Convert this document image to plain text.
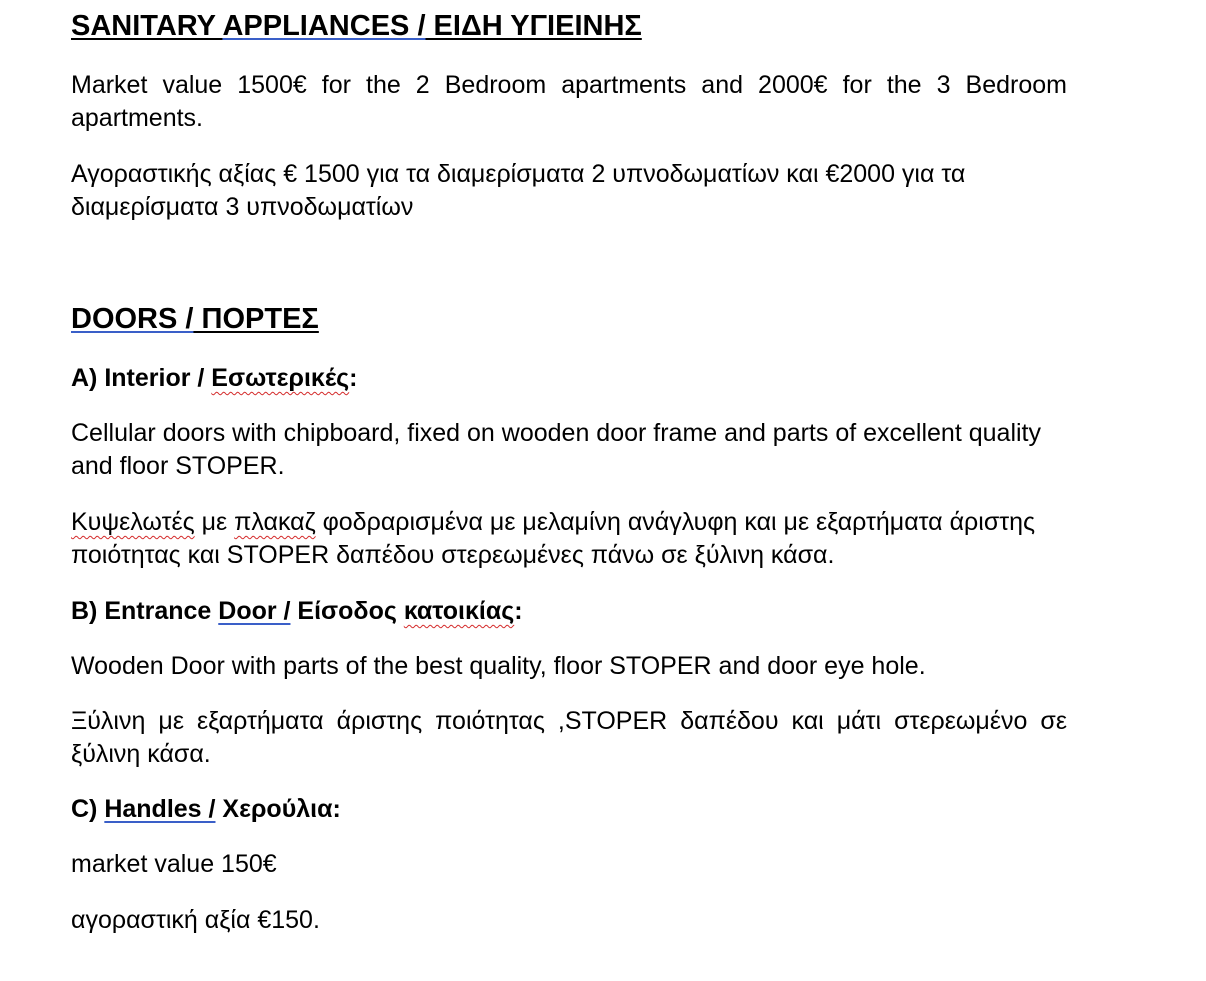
SANITARY APPLIANCES / ΕΙΔΗ ΥΓΙΕΙΝΗΣ

Market value 1500€ for the 2 Bedroom apartments and 2000€ for the 3 Bedroom apartments.

Αγοραστικής αξίας € 1500 για τα διαμερίσματα 2 υπνοδωματίων και €2000 για τα διαμερίσματα 3 υπνοδωματίων

DOORS / ΠΟΡΤΕΣ
A) Interior / Εσωτερικές:

Cellular doors with chipboard, fixed on wooden door frame and parts of excellent quality and floor STOPER.

Κυψελωτές με πλακαζ φοδραρισμένα με μελαμίνη ανάγλυφη και με εξαρτήματα άριστης ποιότητας και STOPER δαπέδου στερεωμένες πάνω σε ξύλινη κάσα.

B) Entrance Door / Είσοδος κατοικίας:

Wooden Door with parts of the best quality, floor STOPER and door eye hole.

Ξύλινη με εξαρτήματα άριστης ποιότητας ,STOPER δαπέδου και μάτι στερεωμένο σε ξύλινη κάσα.

C) Handles / Χερούλια:

market value 150€

αγοραστική αξία €150.
